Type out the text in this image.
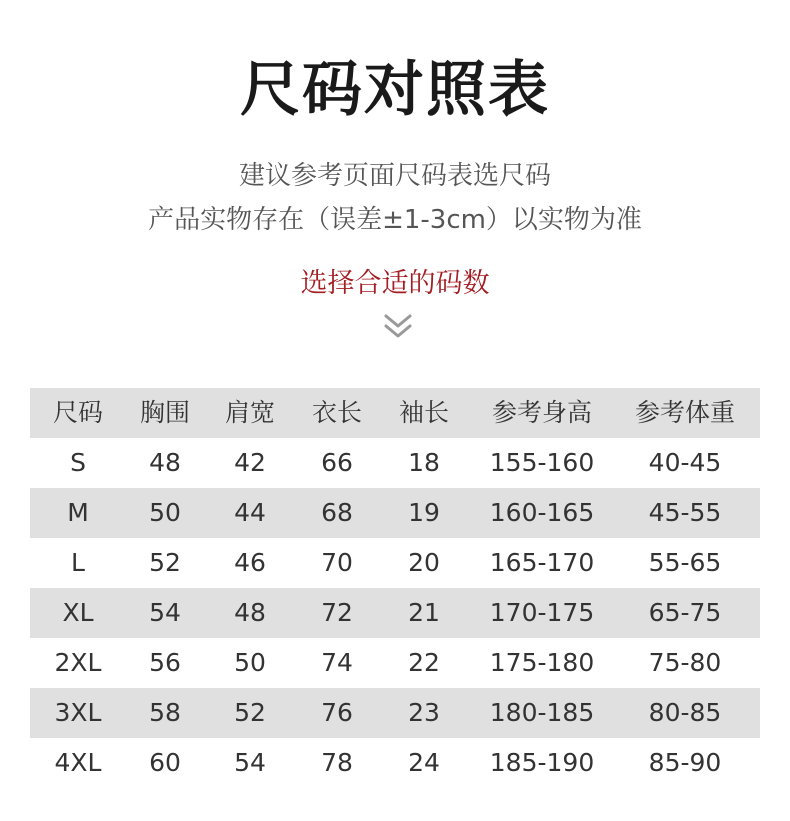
尺码对照表
建议参考页面尺码表选尺码
产品实物存在（误差±1-3cm）以实物为准
选择合适的码数
尺码 胸围 肩宽 衣长 袖长 参考身高 参考体重
S	48 42 66 18 155-160 40-45
M 50 44 68 19 160-165 45-55
L	52 46 70 20 165-170 55-65
XL 54 48 72 21 170-175 65-75
2XL 56 50 74 22 175-180 75-80
3XL 58 52 76 23 180-185 80-85
4XL 60 54 78 24 185-190 85-90
